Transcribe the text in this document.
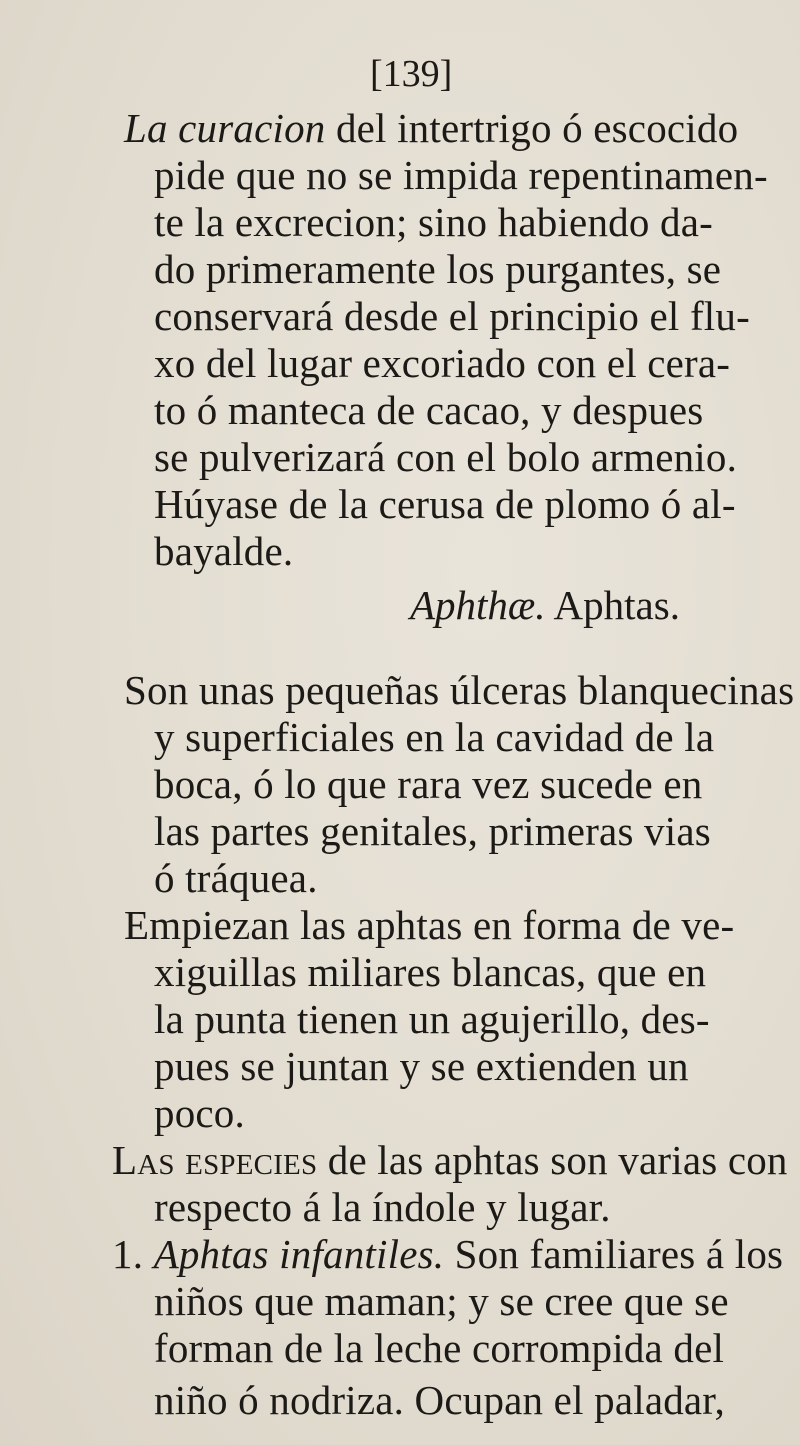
[139]
La curacion del intertrigo ó escocido
pide que no se impida repentinamen-
te la excrecion; sino habiendo da-
do primeramente los purgantes, se
conservará desde el principio el flu-
xo del lugar excoriado con el cera-
to ó manteca de cacao, y despues
se pulverizará con el bolo armenio.
Húyase de la cerusa de plomo ó al-
bayalde.
Aphthæ. Aphtas.
Son unas pequeñas úlceras blanquecinas
y superficiales en la cavidad de la
boca, ó lo que rara vez sucede en
las partes genitales, primeras vias
ó tráquea.
Empiezan las aphtas en forma de ve-
xiguillas miliares blancas, que en
la punta tienen un agujerillo, des-
pues se juntan y se extienden un
poco.
Las especies de las aphtas son varias con
respecto á la índole y lugar.
1. Aphtas infantiles. Son familiares á los
niños que maman; y se cree que se
forman de la leche corrompida del
niño ó nodriza. Ocupan el paladar,
